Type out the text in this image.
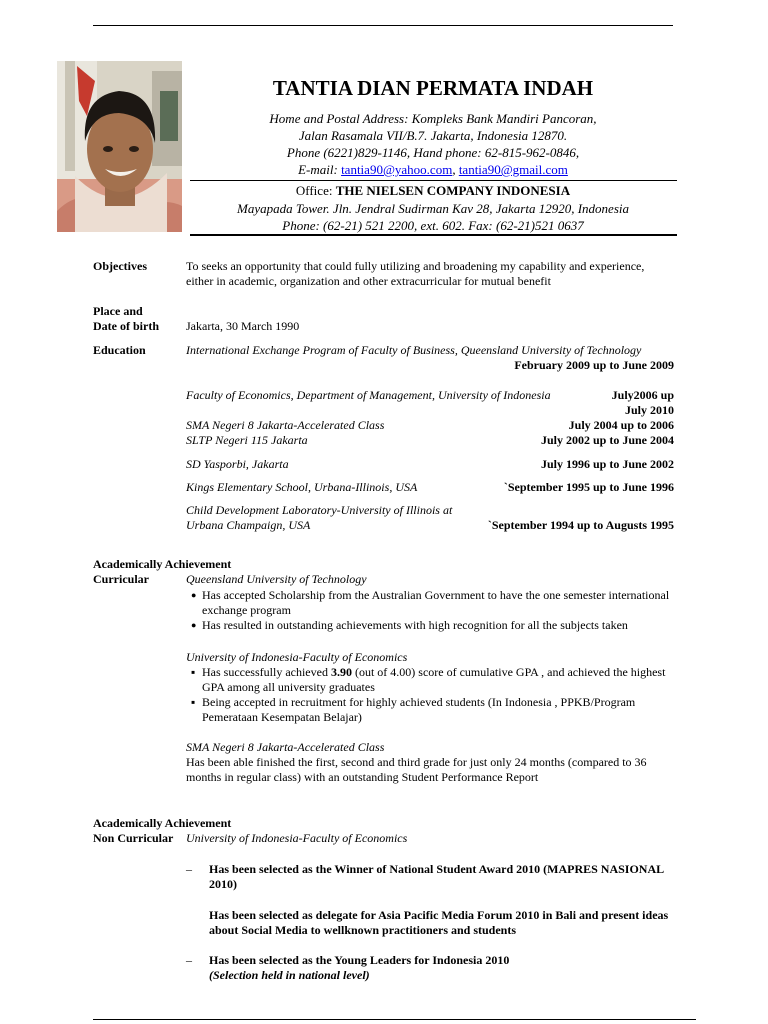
TANTIA DIAN PERMATA INDAH
Home and Postal Address: Kompleks Bank Mandiri Pancoran,
Jalan Rasamala VII/B.7. Jakarta, Indonesia 12870.
Phone (6221)829-1146, Hand phone: 62-815-962-0846,
E-mail: tantia90@yahoo.com, tantia90@gmail.com
Office: THE NIELSEN COMPANY INDONESIA
Mayapada Tower. Jln. Jendral Sudirman Kav 28, Jakarta 12920, Indonesia
Phone: (62-21) 521 2200, ext. 602. Fax: (62-21)521 0637
Objectives	To seeks an opportunity that could fully utilizing and broadening my capability and experience, either in academic, organization and other extracurricular for mutual benefit
Place and
Date of birth Jakarta, 30 March 1990
Education	International Exchange Program of Faculty of Business, Queensland University of Technology
February 2009 up to June 2009
Faculty of Economics, Department of Management, University of Indonesia	July2006 up
July 2010
SMA Negeri 8 Jakarta-Accelerated Class	July 2004 up to 2006
SLTP Negeri 115 Jakarta	July 2002 up to June 2004
SD Yasporbi, Jakarta	July 1996 up to June 2002
Kings Elementary School, Urbana-Illinois, USA	`September 1995 up to June 1996
Child Development Laboratory-University of Illinois at
Urbana Champaign, USA	`September 1994 up to Augusts 1995
Academically Achievement
Curricular	Queensland University of Technology
● Has accepted Scholarship from the Australian Government to have the one semester international exchange program
● Has resulted in outstanding achievements with high recognition for all the subjects taken
University of Indonesia-Faculty of Economics
▪ Has successfully achieved 3.90 (out of 4.00) score of cumulative GPA , and achieved the highest GPA among all university graduates
▪ Being accepted in recruitment for highly achieved students (In Indonesia , PPKB/Program Pemerataan Kesempatan Belajar)
SMA Negeri 8 Jakarta-Accelerated Class
Has been able finished the first, second and third grade for just only 24 months (compared to 36 months in regular class) with an outstanding Student Performance Report
Academically Achievement
Non Curricular University of Indonesia-Faculty of Economics
– Has been selected as the Winner of National Student Award 2010 (MAPRES NASIONAL 2010)
Has been selected as delegate for Asia Pacific Media Forum 2010 in Bali and present ideas about Social Media to wellknown practitioners and students
– Has been selected as the Young Leaders for Indonesia 2010
(Selection held in national level)
